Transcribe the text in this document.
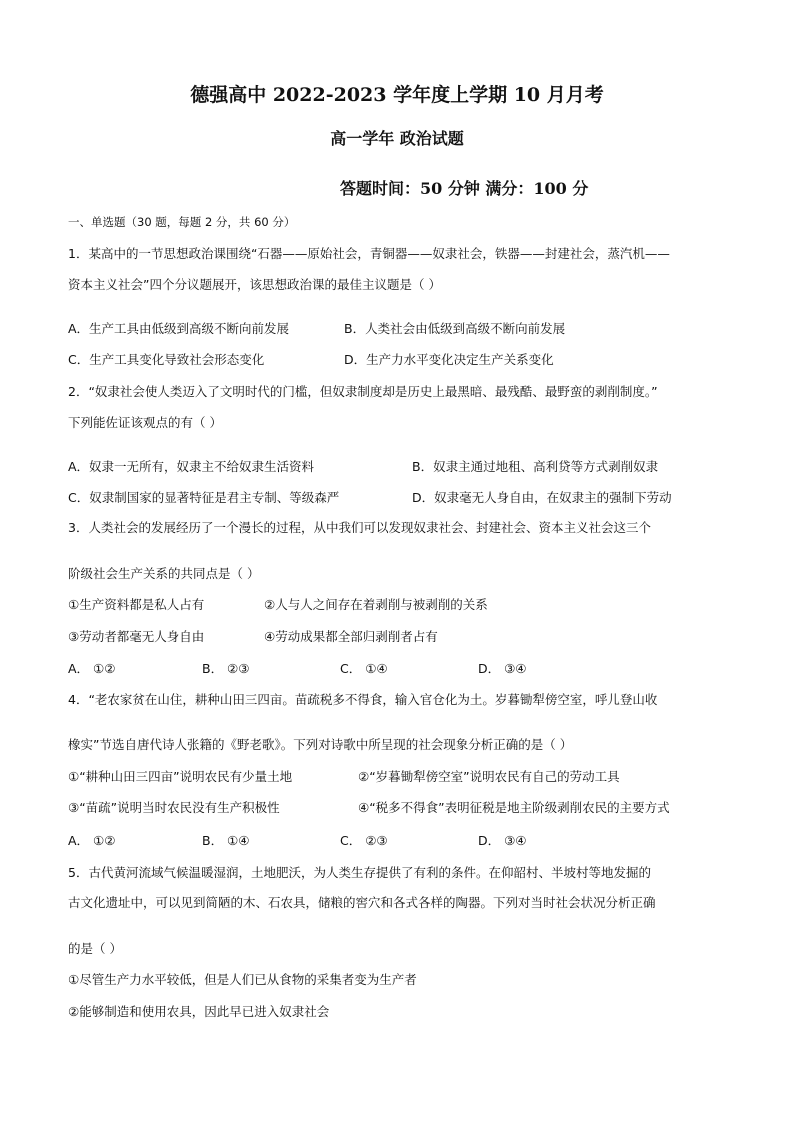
德强高中 2022-2023 学年度上学期 10 月月考
高一学年 政治试题
答题时间：50 分钟 满分：100 分
一、单选题（30 题，每题 2 分，共 60 分）
1．某高中的一节思想政治课围绕“石器——原始社会，青铜器——奴隶社会，铁器——封建社会，蒸汽机——
资本主义社会”四个分议题展开，该思想政治课的最佳主议题是（ ）
A．生产工具由低级到高级不断向前发展	B．人类社会由低级到高级不断向前发展
C．生产工具变化导致社会形态变化	D．生产力水平变化决定生产关系变化
2．“奴隶社会使人类迈入了文明时代的门槛，但奴隶制度却是历史上最黑暗、最残酷、最野蛮的剥削制度。”
下列能佐证该观点的有（ ）
A．奴隶一无所有，奴隶主不给奴隶生活资料	B．奴隶主通过地租、高利贷等方式剥削奴隶
C．奴隶制国家的显著特征是君主专制、等级森严	D．奴隶毫无人身自由，在奴隶主的强制下劳动
3．人类社会的发展经历了一个漫长的过程，从中我们可以发现奴隶社会、封建社会、资本主义社会这三个
阶级社会生产关系的共同点是（ ）
①生产资料都是私人占有	②人与人之间存在着剥削与被剥削的关系
③劳动者都毫无人身自由	④劳动成果都全部归剥削者占有
A． ①②	B． ②③	C． ①④	D． ③④
4．“老农家贫在山住，耕种山田三四亩。苗疏税多不得食，输入官仓化为土。岁暮锄犁傍空室，呼儿登山收
橡实”节选自唐代诗人张籍的《野老歌》。下列对诗歌中所呈现的社会现象分析正确的是（ ）
①“耕种山田三四亩”说明农民有少量土地	②“岁暮锄犁傍空室”说明农民有自己的劳动工具
③“苗疏”说明当时农民没有生产积极性	④“税多不得食”表明征税是地主阶级剥削农民的主要方式
A． ①②	B． ①④	C． ②③	D． ③④
5．古代黄河流域气候温暖湿润，土地肥沃，为人类生存提供了有利的条件。在仰韶村、半坡村等地发掘的
古文化遗址中，可以见到简陋的木、石农具，储粮的窖穴和各式各样的陶器。下列对当时社会状况分析正确
的是（ ）
①尽管生产力水平较低，但是人们已从食物的采集者变为生产者
②能够制造和使用农具，因此早已进入奴隶社会
